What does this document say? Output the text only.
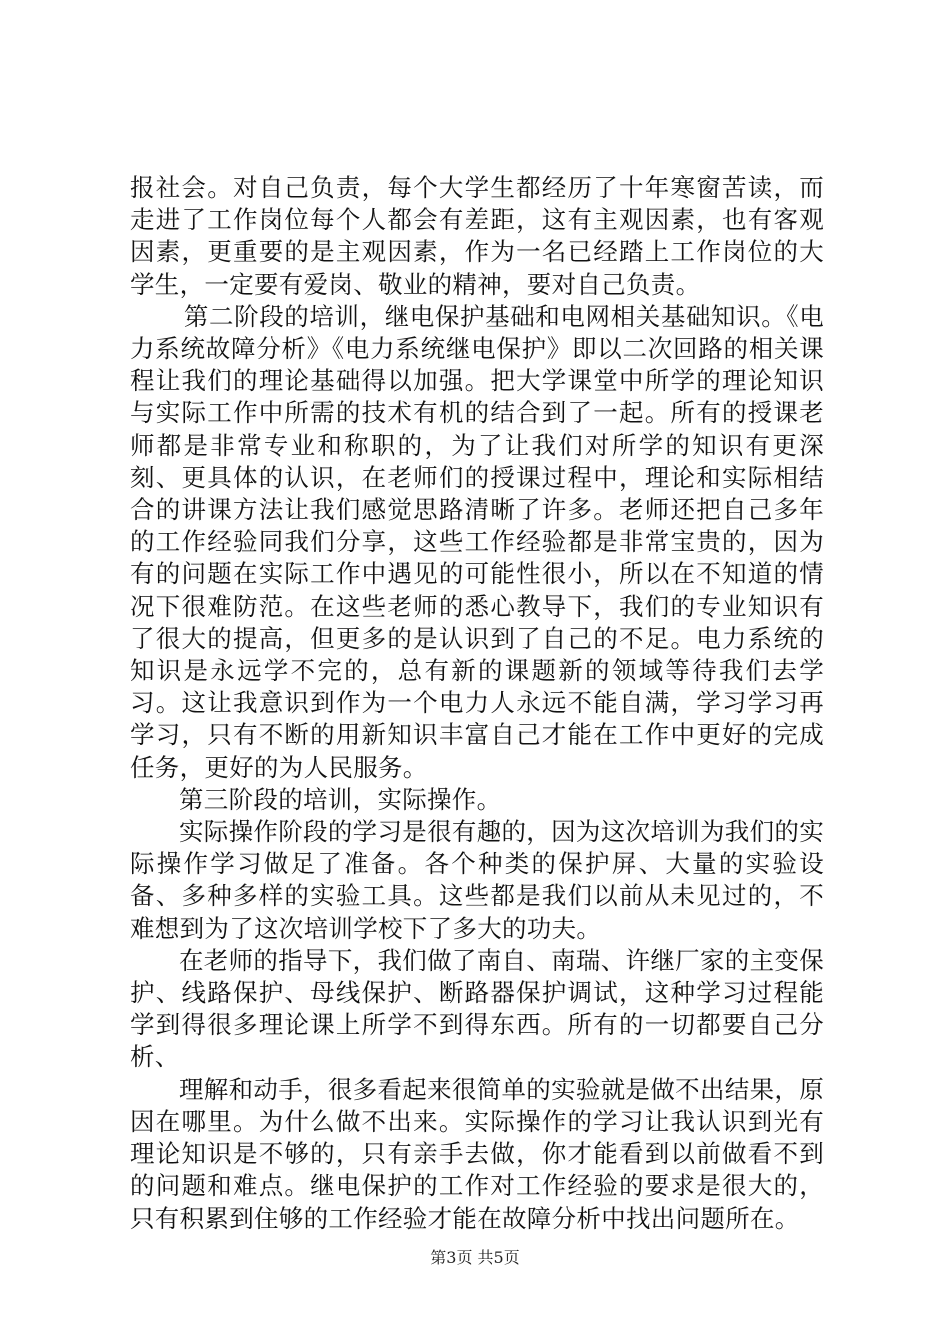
报社会。对自己负责，每个大学生都经历了十年寒窗苦读，而走进了工作岗位每个人都会有差距，这有主观因素，也有客观因素，更重要的是主观因素，作为一名已经踏上工作岗位的大学生，一定要有爱岗、敬业的精神，要对自己负责。

第二阶段的培训，继电保护基础和电网相关基础知识。《电力系统故障分析》《电力系统继电保护》即以二次回路的相关课程让我们的理论基础得以加强。把大学课堂中所学的理论知识与实际工作中所需的技术有机的结合到了一起。所有的授课老师都是非常专业和称职的，为了让我们对所学的知识有更深刻、更具体的认识，在老师们的授课过程中，理论和实际相结合的讲课方法让我们感觉思路清晰了许多。老师还把自己多年的工作经验同我们分享，这些工作经验都是非常宝贵的，因为有的问题在实际工作中遇见的可能性很小，所以在不知道的情况下很难防范。在这些老师的悉心教导下，我们的专业知识有了很大的提高，但更多的是认识到了自己的不足。电力系统的知识是永远学不完的，总有新的课题新的领域等待我们去学习。这让我意识到作为一个电力人永远不能自满，学习学习再学习，只有不断的用新知识丰富自己才能在工作中更好的完成任务，更好的为人民服务。

第三阶段的培训，实际操作。

实际操作阶段的学习是很有趣的，因为这次培训为我们的实际操作学习做足了准备。各个种类的保护屏、大量的实验设备、多种多样的实验工具。这些都是我们以前从未见过的，不难想到为了这次培训学校下了多大的功夫。

在老师的指导下，我们做了南自、南瑞、许继厂家的主变保护、线路保护、母线保护、断路器保护调试，这种学习过程能学到得很多理论课上所学不到得东西。所有的一切都要自己分析、

理解和动手，很多看起来很简单的实验就是做不出结果，原因在哪里。为什么做不出来。实际操作的学习让我认识到光有理论知识是不够的，只有亲手去做，你才能看到以前做看不到的问题和难点。继电保护的工作对工作经验的要求是很大的，只有积累到住够的工作经验才能在故障分析中找出问题所在。

第3页 共5页
